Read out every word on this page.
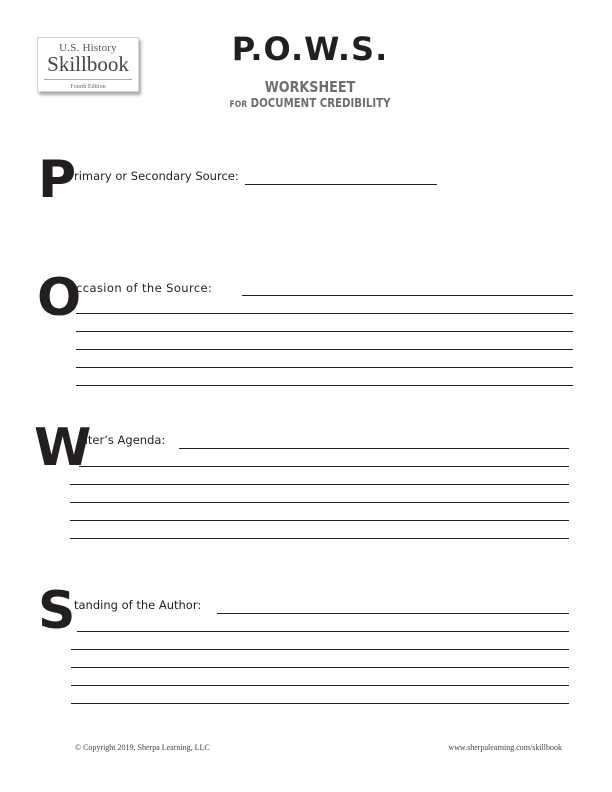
U.S. History
Skillbook
Fourth Edition
P.O.W.S.
WORKSHEET
FOR DOCUMENT CREDIBILITY
P rimary or Secondary Source:
O
ccasion of the Source:
W
riter’s Agenda:
S tanding of the Author:
© Copyright 2019, Sherpa Learning, LLC	www.sherpalearning.com/skillbook
